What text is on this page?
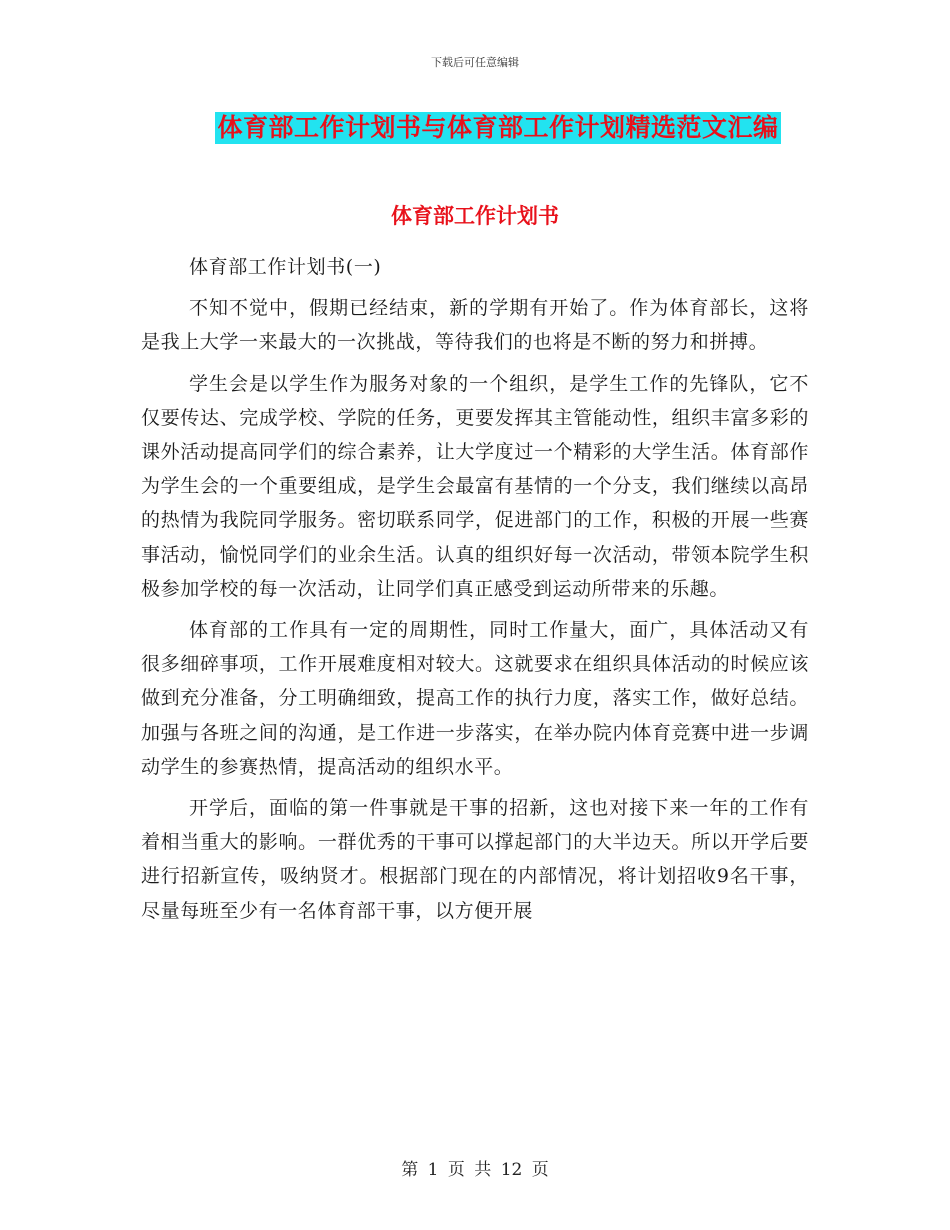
下载后可任意编辑
体育部工作计划书与体育部工作计划精选范文汇编
体育部工作计划书

体育部工作计划书(一)

不知不觉中，假期已经结束，新的学期有开始了。作为体育部长，这将是我上大学一来最大的一次挑战，等待我们的也将是不断的努力和拼搏。

学生会是以学生作为服务对象的一个组织，是学生工作的先锋队，它不仅要传达、完成学校、学院的任务，更要发挥其主管能动性，组织丰富多彩的课外活动提高同学们的综合素养，让大学度过一个精彩的大学生活。体育部作为学生会的一个重要组成，是学生会最富有基情的一个分支，我们继续以高昂的热情为我院同学服务。密切联系同学，促进部门的工作，积极的开展一些赛事活动，愉悦同学们的业余生活。认真的组织好每一次活动，带领本院学生积极参加学校的每一次活动，让同学们真正感受到运动所带来的乐趣。

体育部的工作具有一定的周期性，同时工作量大，面广，具体活动又有很多细碎事项，工作开展难度相对较大。这就要求在组织具体活动的时候应该做到充分准备，分工明确细致，提高工作的执行力度，落实工作，做好总结。加强与各班之间的沟通，是工作进一步落实，在举办院内体育竞赛中进一步调动学生的参赛热情，提高活动的组织水平。

开学后，面临的第一件事就是干事的招新，这也对接下来一年的工作有着相当重大的影响。一群优秀的干事可以撑起部门的大半边天。所以开学后要进行招新宣传，吸纳贤才。根据部门现在的内部情况，将计划招收9名干事，尽量每班至少有一名体育部干事，以方便开展

第 1 页 共 12 页
